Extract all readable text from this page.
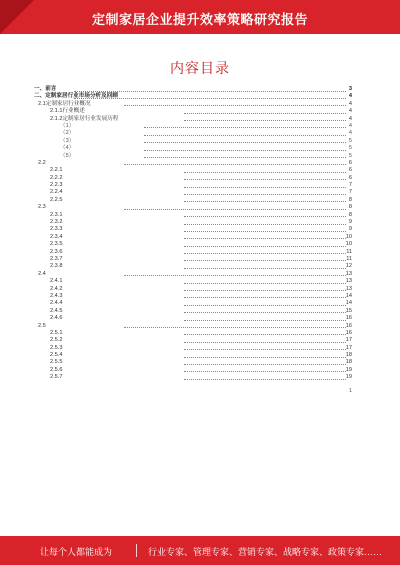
定制家居企业提升效率策略研究报告
内容目录
一、前言	3
二、定制家居行业市场分析及回顾	4
2.1定制家居行业概况	4
2.1.1行业概述	4
2.1.2定制家居行业发展历程	4
（1）	4
（2）	4
（3）	5
（4）	5
（5）	5
2.2	6
2.2.1	6
2.2.2	6
2.2.3	7
2.2.4	7
2.2.5	8
2.3	8
2.3.1	8
2.3.2	9
2.3.3	9
2.3.4	10
2.3.5	10
2.3.6	11
2.3.7	11
2.3.8	12
2.4	13
2.4.1	13
2.4.2	13
2.4.3	14
2.4.4	14
2.4.5	15
2.4.6	16
2.5	16
2.5.1	16
2.5.2	17
2.5.3	17
2.5.4	18
2.5.5	18
2.5.6	19
2.5.7	19
1
让每个人都能成为	行业专家、管理专家、营销专家、战略专家、政策专家……
